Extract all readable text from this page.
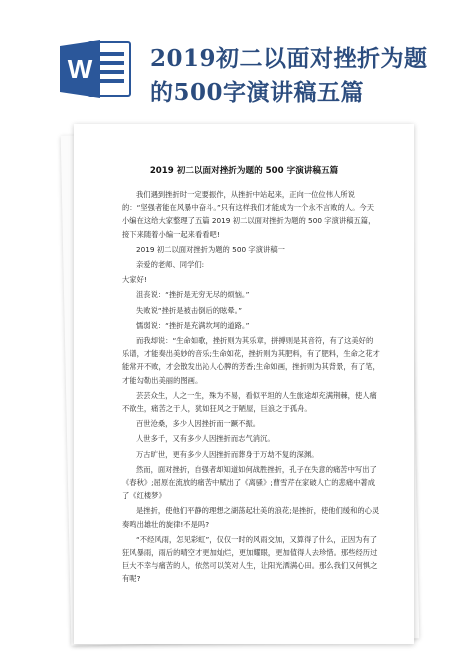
W	2019初二以面对挫折为题
的500字演讲稿五篇
2019 初二以面对挫折为题的 500 字演讲稿五篇

我们遇到挫折时一定要振作，从挫折中站起来，正向一位位伟人所说的：“坚强者能在风暴中奋斗。”只有这样我们才能成为一个永不言败的人。今天小编在这给大家整理了五篇 2019 初二以面对挫折为题的 500 字演讲稿五篇，接下来随着小编一起来看看吧!

2019 初二以面对挫折为题的 500 字演讲稿一

亲爱的老师、同学们:

大家好!

沮丧说：“挫折是无穷无尽的烦恼。”

失败说“挫折是被击倒后的眩晕。”

懦弱说：“挫折是充满坎坷的道路。”

而我却说：“生命如歌，挫折则为其乐章，拼搏则是其音符，有了这美好的乐谱，才能奏出美妙的音乐;生命如花，挫折则为其肥料，有了肥料，生命之花才能常开不败，才会散发出沁人心脾的芳香;生命如画，挫折则为其背景，有了笔，才能勾勒出美丽的图画。

芸芸众生，人之一生，殊为不易，看似平坦的人生旅途却充满荆棘，使人痛不欲生，痛苦之于人，犹如狂风之于陋屋，巨浪之于孤舟。

百世沧桑，多少人因挫折而一蹶不振。

人世多千，又有多少人因挫折而志气消沉。

万古旷世，更有多少人因挫折而葬身于万劫不复的深渊。

然而，面对挫折，自强者却知道如何战胜挫折，孔子在失意的痛苦中写出了《春秋》;屈原在流放的痛苦中赋出了《离骚》;曹雪芹在家破人亡的悲痛中著成了《红楼梦》

是挫折，使他们平静的理想之湖荡起壮美的浪花;是挫折，使他们缓和的心灵奏鸣出雄壮的旋律!不是吗?

“不经风雨，怎见彩虹”，仅仅一时的风雨交加，又算得了什么，正因为有了狂风暴雨，雨后的晴空才更加灿烂，更加耀眼，更加值得人去珍惜。那些经历过巨大不幸与痛苦的人，依然可以笑对人生，让阳光洒满心田。那么我们又何惧之有呢?
